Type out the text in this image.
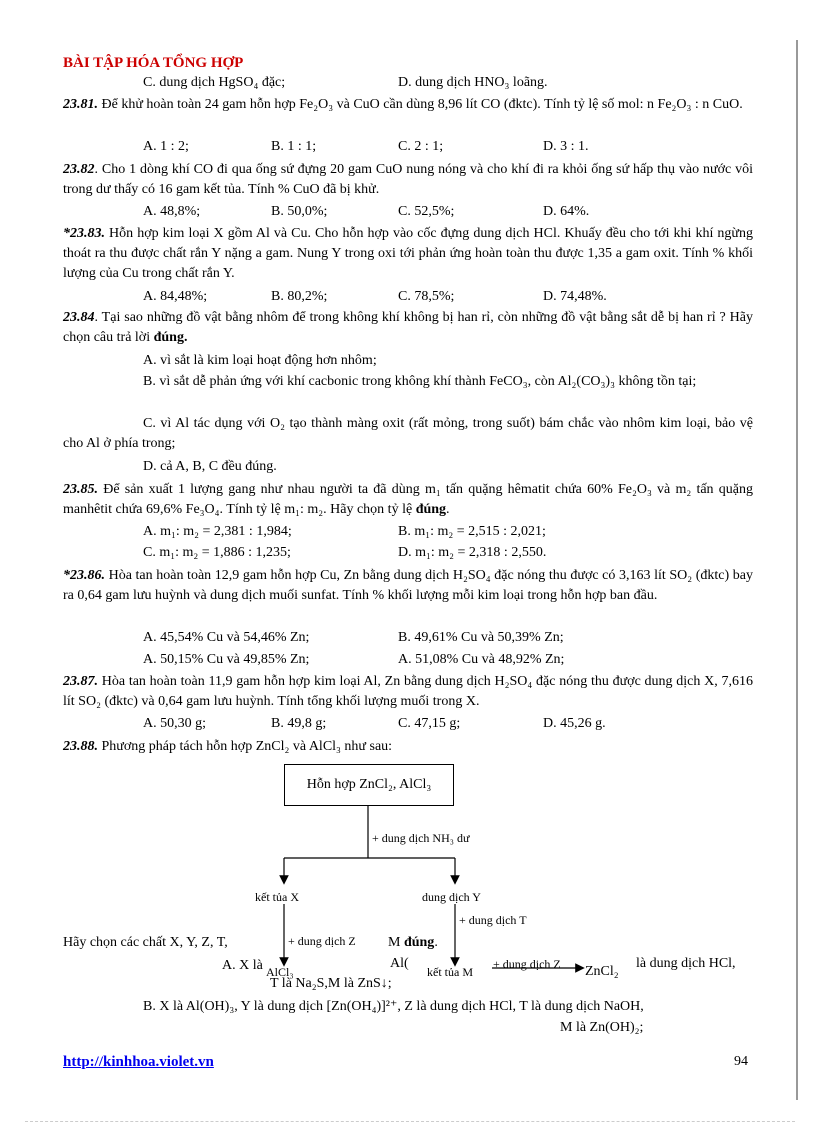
BÀI TẬP HÓA TỔNG HỢP
C. dung dịch HgSO₄ đặc;	D. dung dịch HNO₃ loãng.
23.81. Để khử hoàn toàn 24 gam hỗn hợp Fe₂O₃ và CuO cần dùng 8,96 lít CO (đktc). Tính tỷ lệ số mol: n Fe₂O₃ : n CuO.
A. 1 : 2;	B. 1 : 1;	C. 2 : 1;	D. 3 : 1.
23.82. Cho 1 dòng khí CO đi qua ống sứ đựng 20 gam CuO nung nóng và cho khí đi ra khỏi ống sứ hấp thụ vào nước vôi trong dư thấy có 16 gam kết tủa. Tính % CuO đã bị khử.
A. 48,8%;	B. 50,0%;	C. 52,5%;	D. 64%.
*23.83. Hỗn hợp kim loại X gồm Al và Cu. Cho hỗn hợp vào cốc đựng dung dịch HCl. Khuấy đều cho tới khi khí ngừng thoát ra thu được chất rắn Y nặng a gam. Nung Y trong oxi tới phản ứng hoàn toàn thu được 1,35 a gam oxit. Tính % khối lượng của Cu trong chất rắn Y.
A. 84,48%;	B. 80,2%;	C. 78,5%;	D. 74,48%.
23.84. Tại sao những đồ vật bằng nhôm để trong không khí không bị han rỉ, còn những đồ vật bằng sắt dễ bị han rỉ ? Hãy chọn câu trả lời đúng.
A. vì sắt là kim loại hoạt động hơn nhôm;
B. vì sắt dễ phản ứng với khí cacbonic trong không khí thành FeCO₃, còn Al₂(CO₃)₃ không tồn tại;
C. vì Al tác dụng với O₂ tạo thành màng oxit (rất mỏng, trong suốt) bám chắc vào nhôm kim loại, bảo vệ cho Al ở phía trong;
D. cả A, B, C đều đúng.
23.85. Để sản xuất 1 lượng gang như nhau người ta đã dùng m₁ tấn quặng hêmatit chứa 60% Fe₂O₃ và m₂ tấn quặng manhêtit chứa 69,6% Fe₃O₄. Tính tỷ lệ m₁: m₂. Hãy chọn tỷ lệ đúng.
A. m₁: m₂ = 2,381 : 1,984;	B. m₁: m₂ = 2,515 : 2,021;
C. m₁: m₂ = 1,886 : 1,235;	D. m₁: m₂ = 2,318 : 2,550.
*23.86. Hòa tan hoàn toàn 12,9 gam hỗn hợp Cu, Zn bằng dung dịch H₂SO₄ đặc nóng thu được có 3,163 lít SO₂ (đktc) bay ra 0,64 gam lưu huỳnh và dung dịch muối sunfat. Tính % khối lượng mỗi kim loại trong hỗn hợp ban đầu.
A. 45,54% Cu và 54,46% Zn;	B. 49,61% Cu và 50,39% Zn;
A. 50,15% Cu và 49,85% Zn;	A. 51,08% Cu và 48,92% Zn;
23.87. Hòa tan hoàn toàn 11,9 gam hỗn hợp kim loại Al, Zn bằng dung dịch H₂SO₄ đặc nóng thu được dung dịch X, 7,616 lít SO₂ (đktc) và 0,64 gam lưu huỳnh. Tính tổng khối lượng muối trong X.
A. 50,30 g;	B. 49,8 g;	C. 47,15 g;	D. 45,26 g.
23.88. Phương pháp tách hỗn hợp ZnCl₂ và AlCl₃ như sau:
Hỗn hợp ZnCl₂, AlCl₃
+ dung dịch NH₃ dư
kết tủa X	dung dịch Y
+ dung dịch Z
+ dung dịch T
Hãy chọn các chất X, Y, Z, T,	M đúng.
A. X là AlCl₃
Al(
kết tủa M
+ dung dịch Z ZnCl₂
là dung dịch HCl,
T là Na₂S,M là ZnS↓;
B. X là Al(OH)₃, Y là dung dịch [Zn(OH₄)]²⁺, Z là dung dịch HCl, T là dung dịch NaOH,
M là Zn(OH)₂;
http://kinhhoa.violet.vn	94
